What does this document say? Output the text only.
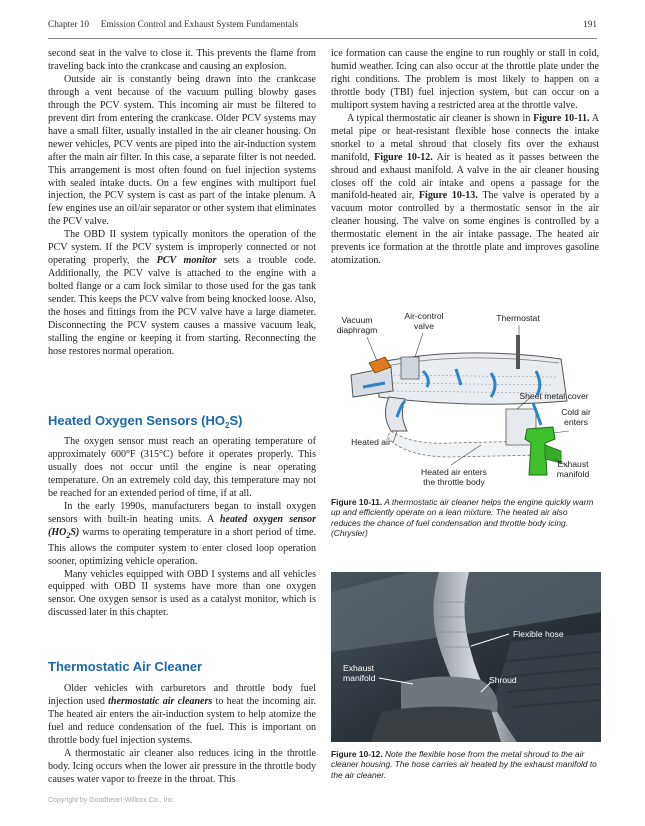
Chapter 10 Emission Control and Exhaust System Fundamentals	191

second seat in the valve to close it. This prevents the flame from traveling back into the crankcase and causing an explosion.

Outside air is constantly being drawn into the crankcase through a vent because of the vacuum pulling blowby gases through the PCV system. This incoming air must be filtered to prevent dirt from entering the crankcase. Older PCV systems may have a small filter, usually installed in the air cleaner housing. On newer vehicles, PCV vents are piped into the air-induction system after the main air filter. In this case, a separate filter is not needed. This arrangement is most often found on fuel injection systems with sealed intake ducts. On a few engines with multiport fuel injection, the PCV system is cast as part of the intake plenum. A few engines use an oil/air separator or other system that eliminates the PCV valve.

The OBD II system typically monitors the operation of the PCV system. If the PCV system is improperly connected or not operating properly, the PCV monitor sets a trouble code. Additionally, the PCV valve is attached to the engine with a bolted flange or a cam lock similar to those used for the gas tank sender. This keeps the PCV valve from being knocked loose. Also, the hoses and fittings from the PCV valve have a large diameter. Disconnecting the PCV system causes a massive vacuum leak, stalling the engine or keeping it from starting. Reconnecting the hose restores normal operation.

Heated Oxygen Sensors $(HO_2S)$

The oxygen sensor must reach an operating temperature of approximately 600°F (315°C) before it operates properly. This usually does not occur until the engine is near operating temperature. On an extremely cold day, this temperature may not be reached for an extended period of time, if at all.

In the early 1990s, manufacturers began to install oxygen sensors with built-in heating units. A heated oxygen sensor $(HO_2S)$ warms to operating temperature in a short period of time. This allows the computer system to enter closed loop operation sooner, optimizing vehicle operation.

Many vehicles equipped with OBD I systems and all vehicles equipped with OBD II systems have more than one oxygen sensor. One oxygen sensor is used as a catalyst monitor, which is discussed later in this chapter.

Thermostatic Air Cleaner

Older vehicles with carburetors and throttle body fuel injection used thermostatic air cleaners to heat the incoming air. The heated air enters the air-induction system to help atomize the fuel and reduce condensation of the fuel. This is important on throttle body fuel injection systems.

A thermostatic air cleaner also reduces icing in the throttle body. Icing occurs when the lower air pressure in the throttle body causes water vapor to freeze in the throat. This

ice formation can cause the engine to run roughly or stall in cold, humid weather. Icing can also occur at the throttle plate under the right conditions. The problem is most likely to happen on a throttle body (TBI) fuel injection system, but can occur on a multiport system having a restricted area at the throttle valve.

A typical thermostatic air cleaner is shown in Figure 10-11. A metal pipe or heat-resistant flexible hose connects the intake snorkel to a metal shroud that closely fits over the exhaust manifold, Figure 10-12. Air is heated as it passes between the shroud and exhaust manifold. A valve in the air cleaner housing closes off the cold air intake and opens a passage for the manifold-heated air, Figure 10-13. The valve is operated by a vacuum motor controlled by a thermostatic sensor in the air cleaner housing. The valve on some engines is controlled by a thermostatic element in the air intake passage. The heated air prevents ice formation at the throttle plate and improves gasoline atomization.

Vacuum
diaphragm
Air-control
valve
Thermostat
Sheet metal cover
Cold air
enters
Heated air
Exhaust
manifold
Heated air enters
the throttle body
Figure 10-11. A thermostatic air cleaner helps the engine quickly warm up and efficiently operate on a lean mixture. The heated air also reduces the chance of fuel condensation and throttle body icing. (Chrysler)
Flexible hose
Exhaust
manifold	Shroud
Figure 10-12. Note the flexible hose from the metal shroud to the air cleaner housing. The hose carries air heated by the exhaust manifold to the air cleaner.
Copyright by Goodheart-Willcox Co., Inc.
